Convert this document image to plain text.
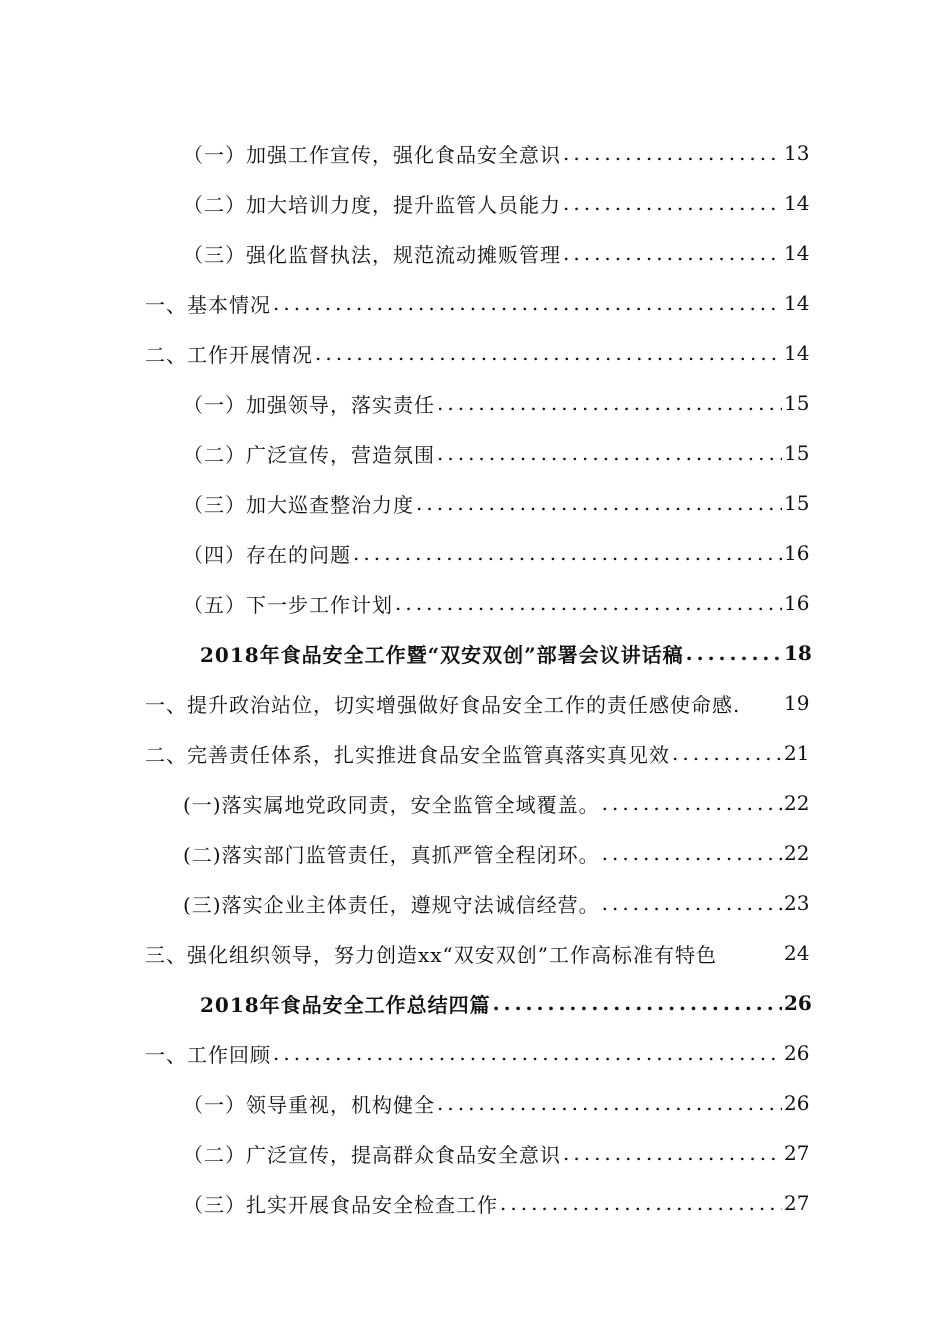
（一）加强工作宣传，强化食品安全意识 .....	13
（二）加大培训力度，提升监管人员能力 .....	14
（三）强化监督执法，规范流动摊贩管理 .....	14
一、基本情况 .....	14
二、工作开展情况 .....	14
（一）加强领导，落实责任 .....	15
（二）广泛宣传，营造氛围 .....	15
（三）加大巡查整治力度 .....	15
（四）存在的问题 .....	16
（五）下一步工作计划 .....	16
2018年食品安全工作暨“双安双创”部署会议讲话稿 .....	18
一、提升政治站位，切实增强做好食品安全工作的责任感使命感.	19
二、完善责任体系，扎实推进食品安全监管真落实真见效 .....	21
(一)落实属地党政同责，安全监管全域覆盖。 .....	22
(二)落实部门监管责任，真抓严管全程闭环。 .....	22
(三)落实企业主体责任，遵规守法诚信经营。 .....	23
三、强化组织领导，努力创造xx“双安双创”工作高标准有特色	24
2018年食品安全工作总结四篇 .....	26
一、工作回顾 .....	26
（一）领导重视，机构健全 .....	26
（二）广泛宣传，提高群众食品安全意识 .....	27
（三）扎实开展食品安全检查工作 .....	27
